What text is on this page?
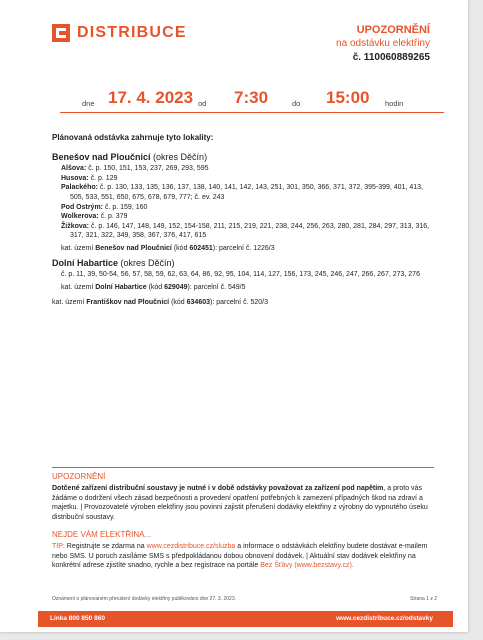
DISTRIBUCE	UPOZORNĚNÍ
na odstávku elektřiny
č. 110060889265
dne 17. 4. 2023 od 7:30	do 15:00 hodin
Plánovaná odstávka zahrnuje tyto lokality:
Benešov nad Ploučnicí (okres Děčín)
Alšova: č. p. 150, 151, 153, 237, 269, 293, 595
Husova: č. p. 129
Palackého: č. p. 130, 133, 135, 136, 137, 138, 140, 141, 142, 143, 251, 301, 350, 366, 371, 372, 395-399, 401, 413, 505, 533, 551, 650, 675, 678, 679, 777; č. ev. 243
Pod Ostrým: č. p. 159, 160
Wolkerova: č. p. 379
Žižkova: č. p. 146, 147, 148, 149, 152, 154-158, 211, 215, 219, 221, 238, 244, 256, 263, 280, 281, 284, 297, 313, 316, 317, 321, 322, 349, 358, 367, 376, 417, 615
kat. území Benešov nad Ploučnicí (kód 602451): parcelní č. 1226/3
Dolní Habartice (okres Děčín)
č. p. 11, 39, 50-54, 56, 57, 58, 59, 62, 63, 64, 86, 92, 95, 104, 114, 127, 156, 173, 245, 246, 247, 266, 267, 273, 276
kat. území Dolní Habartice (kód 629049): parcelní č. 549/5
kat. území Františkov nad Ploučnicí (kód 634603): parcelní č. 520/3
UPOZORNĚNÍ
Dotčené zařízení distribuční soustavy je nutné i v době odstávky považovat za zařízení pod napětím, a proto vás žádáme o dodržení všech zásad bezpečnosti a provedení opatření potřebných k zamezení případných škod na zdraví a majetku. | Provozovatelé výroben elektřiny jsou povinni zajistit přerušení dodávky elektřiny z výrobny do vypnutého úseku distribuční soustavy.
NEJDE VÁM ELEKTŘINA...
TIP: Registrujte se zdarma na www.cezdistribuce.cz/sluzba a informace o odstávkách elektřiny budete dostávat e-mailem nebo SMS. U poruch zasíláme SMS s předpokládanou dobou obnovení dodávek. | Aktuální stav dodávek elektřiny na konkrétní adrese zjistíte snadno, rychle a bez registrace na portále Bez Šťávy (www.bezstavy.cz).
Oznámení o plánovaném přerušení dodávky elektřiny publikováno dne 27. 3. 2023.	Strana 1 z 2
Linka 800 850 860	www.cezdistribuce.cz/odstavky
